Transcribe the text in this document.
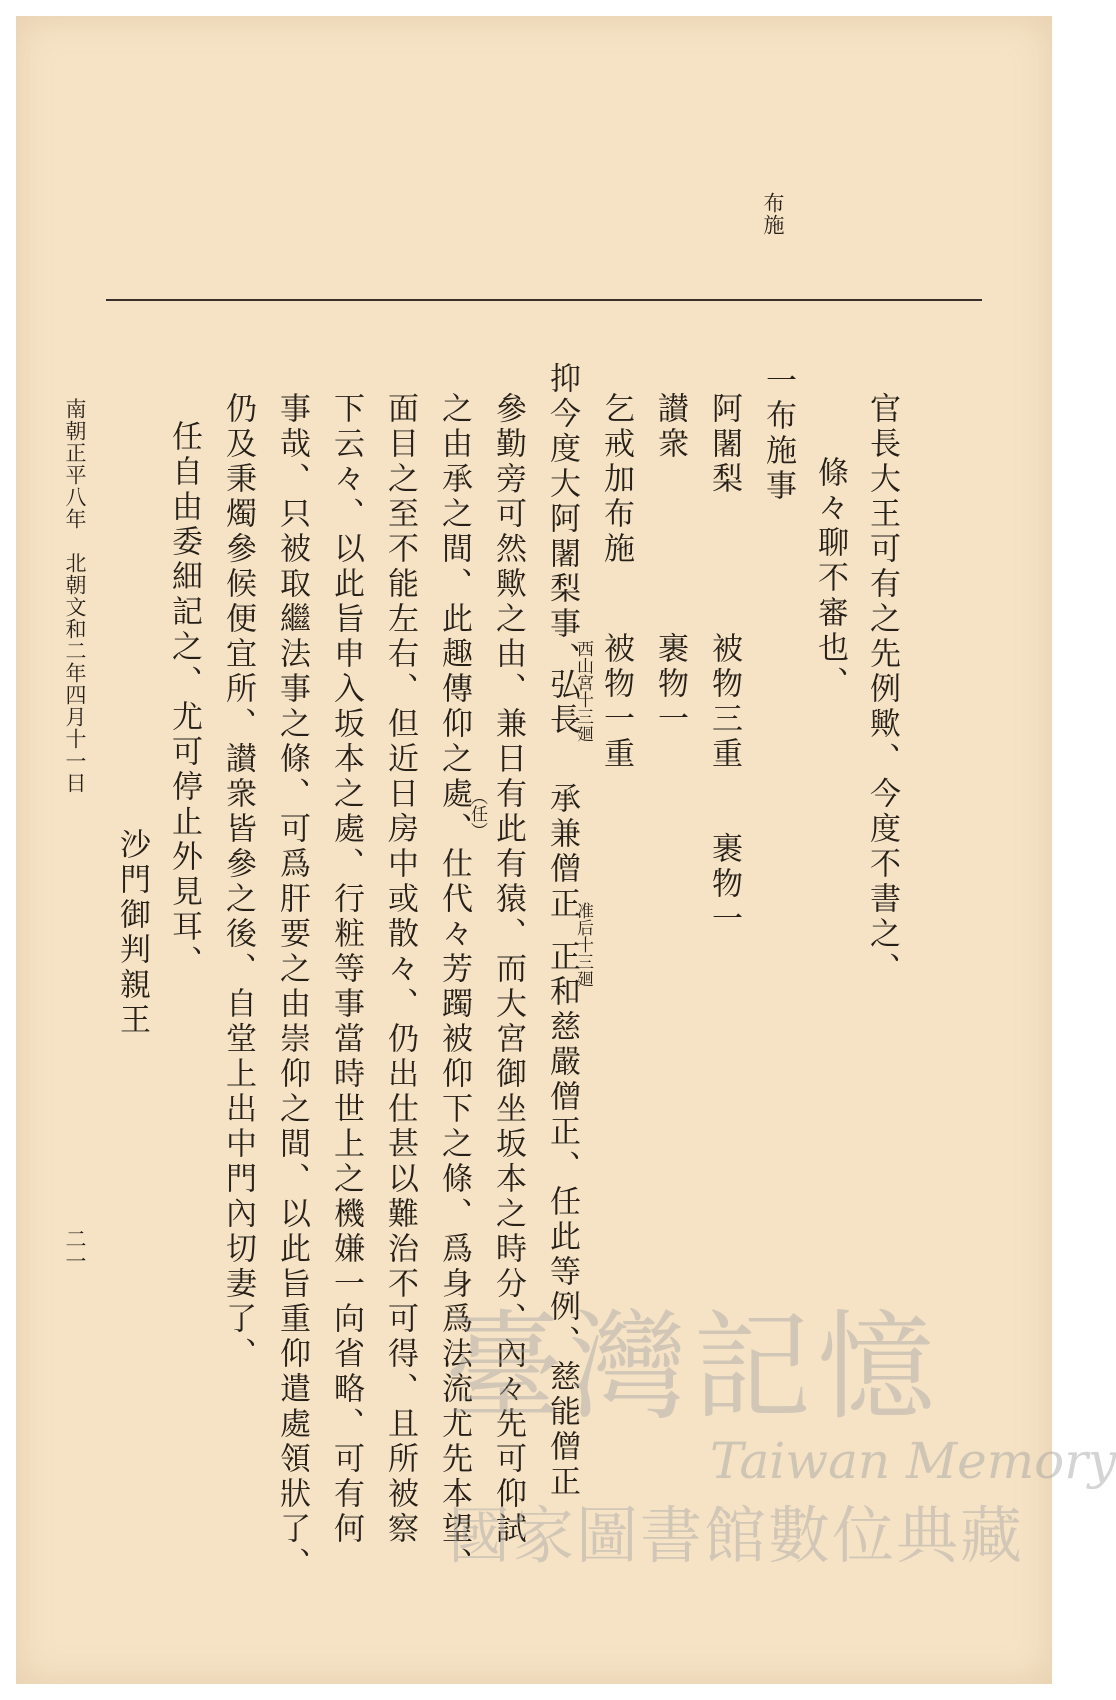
布施
官長大王可有之先例歟、今度不書之、
條々聊不審也、
一布施事
阿闍梨
被物三重
裹物一
讃衆
裹物一
乞戒加布施
被物一重
抑今度大阿闍梨事、
西山宮十三廻
弘長
承兼僧正
准后十三廻
正和慈嚴僧正、任此等例、慈能僧正
參勤旁可然歟之由、兼日有此有猿、而大宮御坐坂本之時分、內々先可仰試
之由承之間、此趣傳仰之處、仕代々芳躅被仰下之條、爲身爲法流尤先本望、
（任）
面目之至不能左右、但近日房中或散々、仍出仕甚以難治不可得、且所被察
下云々、以此旨申入坂本之處、行粧等事當時世上之機嫌一向省略、可有何
事哉、只被取繼法事之條、可爲肝要之由崇仰之間、以此旨重仰遣處領狀了、
仍及秉燭參候便宜所、讃衆皆參之後、自堂上出中門內切妻了、
任自由委細記之、尤可停止外見耳、
沙門御判親王
南朝正平八年　北朝文和二年四月十一日
二一
臺灣記憶
Taiwan Memory
國家圖書館數位典藏
